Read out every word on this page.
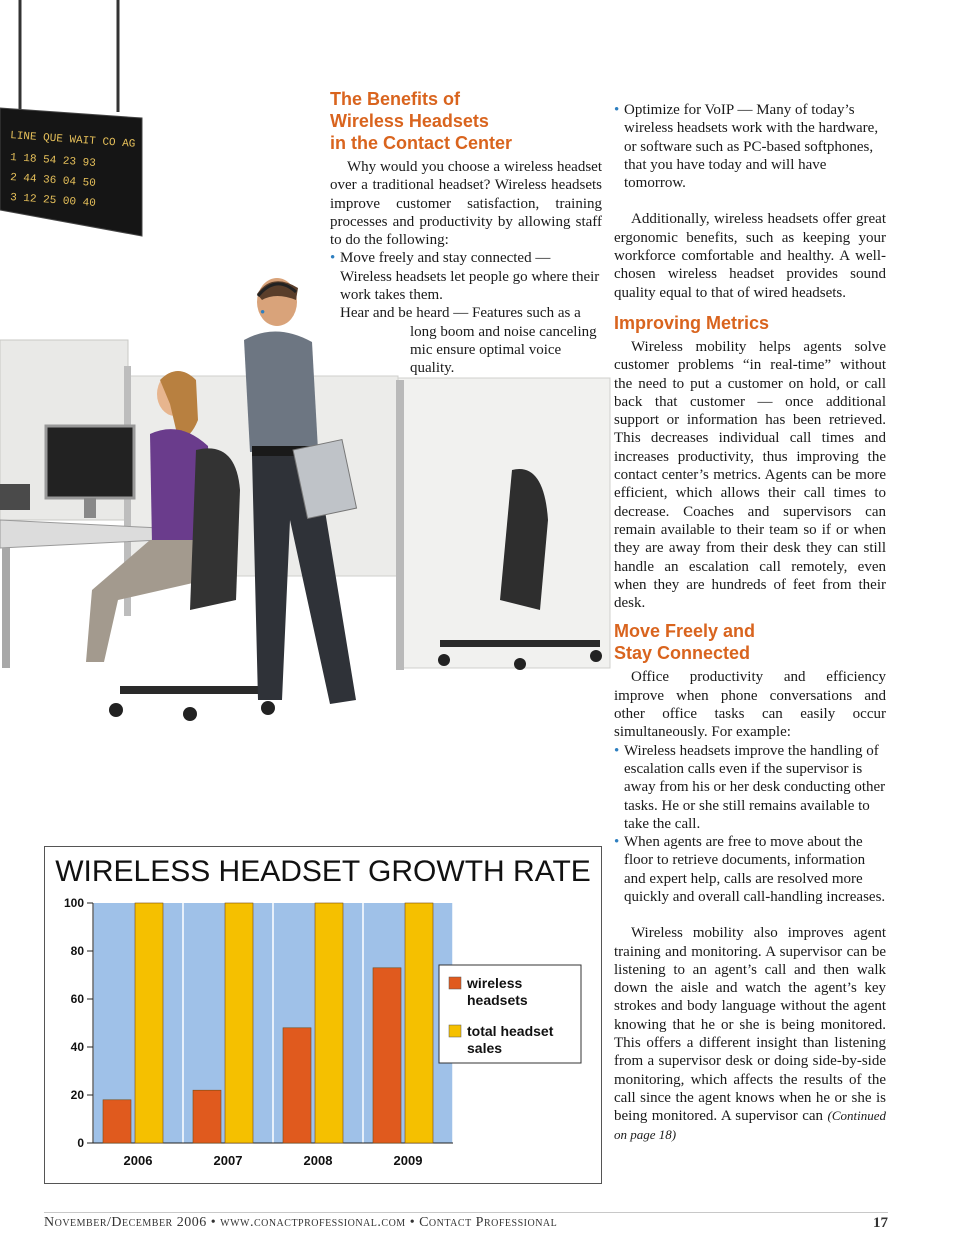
LINE QUE WAIT CO AG
1 18 54 23 93
2 44 36 04 50
3 12 25 00 40
The Benefits of
Wireless Headsets
in the Contact Center

Why would you choose a wireless headset over a traditional headset? Wireless headsets improve customer satisfaction, training processes and productivity by allowing staff to do the following:

• Move freely and stay connected — Wireless headsets let people go where their work takes them.
• Hear and be heard — Features such as a long boom and noise canceling mic ensure optimal voice quality.
• Optimize for VoIP — Many of today’s wireless headsets work with the hardware, or software such as PC-based softphones, that you have today and will have tomorrow.

Additionally, wireless headsets offer great ergonomic benefits, such as keeping your workforce comfortable and healthy. A well-chosen wireless headset provides sound quality equal to that of wired headsets.

Improving Metrics

Wireless mobility helps agents solve customer problems “in real-time” without the need to put a customer on hold, or call back that customer — once additional support or information has been retrieved. This decreases individual call times and increases productivity, thus improving the contact center’s metrics. Agents can be more efficient, which allows their call times to decrease. Coaches and supervisors can remain available to their team so if or when they are away from their desk they can still handle an escalation call remotely, even when they are hundreds of feet from their desk.

Move Freely and
Stay Connected

Office productivity and efficiency improve when phone conversations and other office tasks can easily occur simultaneously. For example:

• Wireless headsets improve the handling of escalation calls even if the supervisor is away from his or her desk conducting other tasks. He or she still remains available to take the call.
• When agents are free to move about the floor to retrieve documents, information and expert help, calls are resolved more quickly and overall call-handling increases.

Wireless mobility also improves agent training and monitoring. A supervisor can be listening to an agent’s call and then walk down the aisle and watch the agent’s key strokes and body language without the agent knowing that he or she is being monitored. This offers a different insight than listening from a supervisor desk or doing side-by-side monitoring, which affects the results of the call since the agent knows when he or she is being monitored. A supervisor can (Continued on page 18)

WIRELESS HEADSET GROWTH RATE
0
20
40
60
80
100
2006	2007	2008	2009
wireless
headsets
total headset
sales
November/December 2006 • www.conactprofessional.com • Contact Professional	17
